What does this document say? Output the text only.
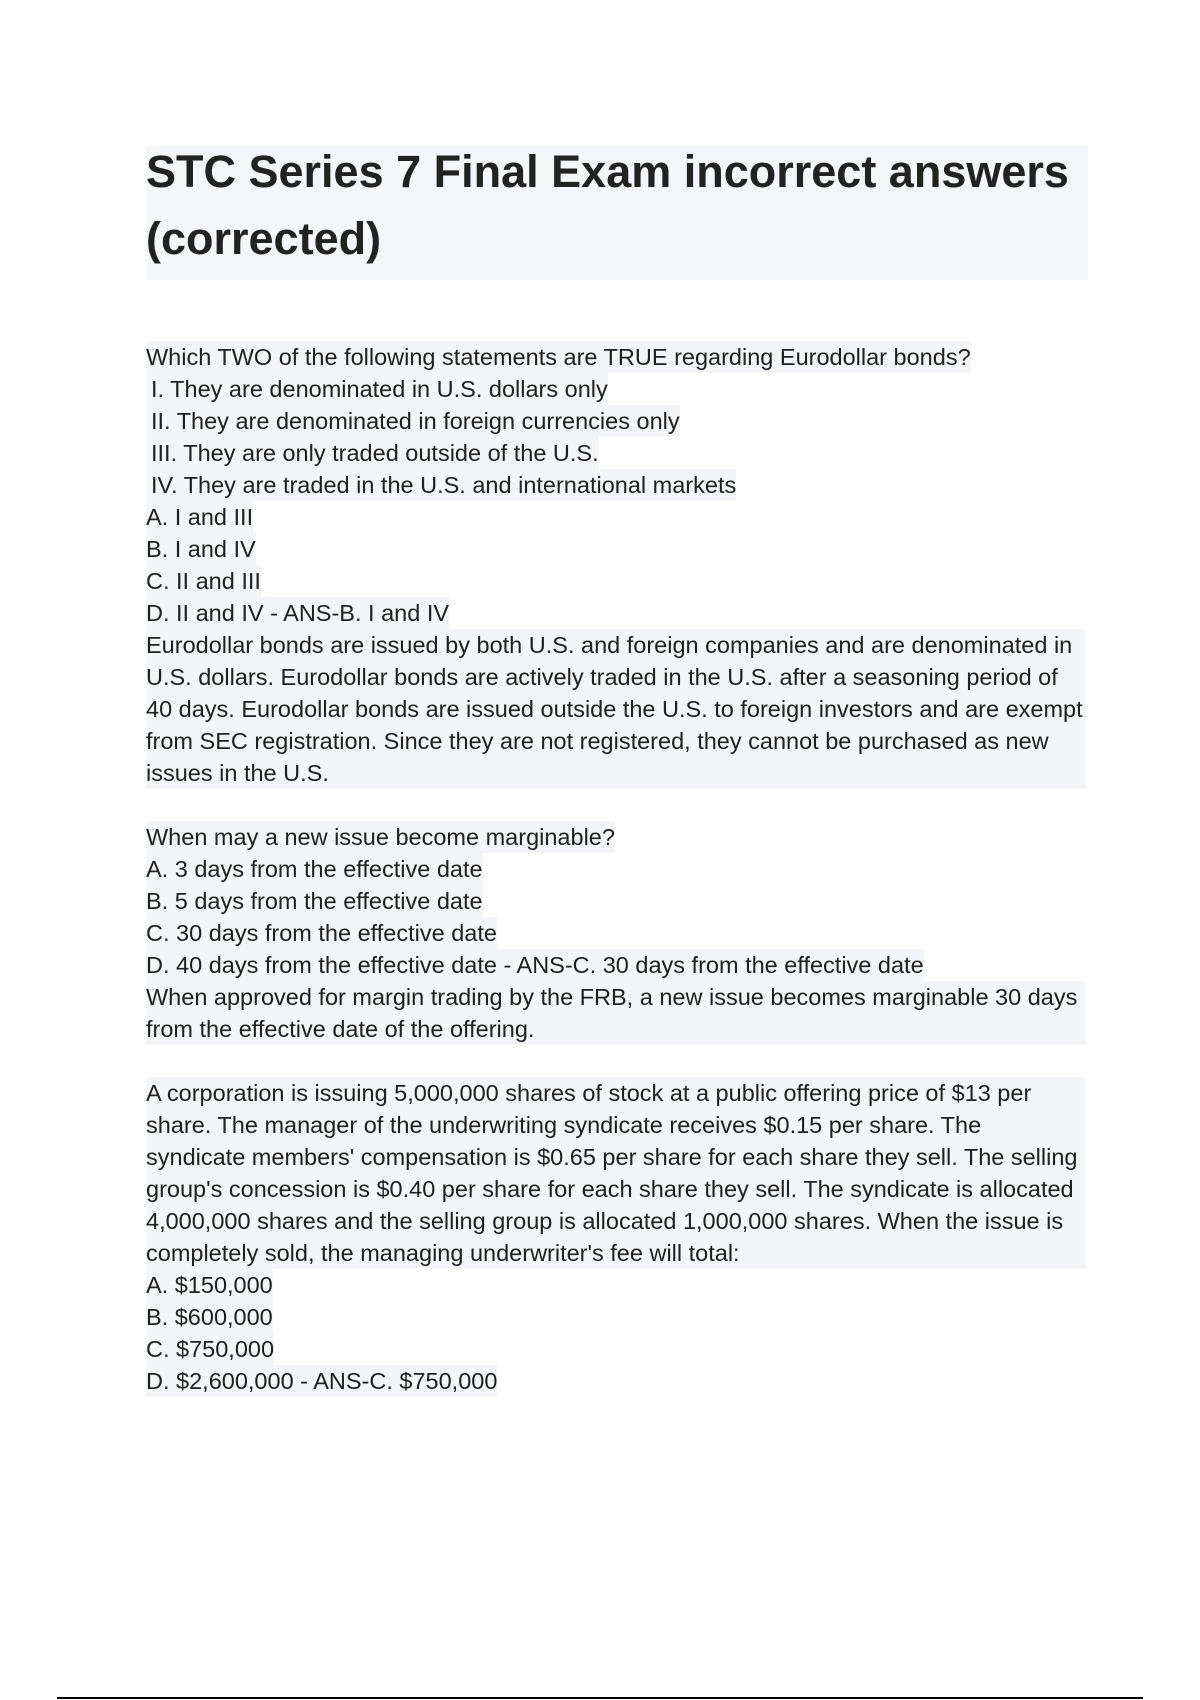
STC Series 7 Final Exam incorrect answers (corrected)
Which TWO of the following statements are TRUE regarding Eurodollar bonds?
I. They are denominated in U.S. dollars only
II. They are denominated in foreign currencies only
III. They are only traded outside of the U.S.
IV. They are traded in the U.S. and international markets
A. I and III
B. I and IV
C. II and III
D. II and IV - ANS-B. I and IV
Eurodollar bonds are issued by both U.S. and foreign companies and are denominated in U.S. dollars. Eurodollar bonds are actively traded in the U.S. after a seasoning period of 40 days. Eurodollar bonds are issued outside the U.S. to foreign investors and are exempt from SEC registration. Since they are not registered, they cannot be purchased as new issues in the U.S.
When may a new issue become marginable?
A. 3 days from the effective date
B. 5 days from the effective date
C. 30 days from the effective date
D. 40 days from the effective date - ANS-C. 30 days from the effective date
When approved for margin trading by the FRB, a new issue becomes marginable 30 days from the effective date of the offering.
A corporation is issuing 5,000,000 shares of stock at a public offering price of $13 per share. The manager of the underwriting syndicate receives $0.15 per share. The syndicate members' compensation is $0.65 per share for each share they sell. The selling group's concession is $0.40 per share for each share they sell. The syndicate is allocated 4,000,000 shares and the selling group is allocated 1,000,000 shares. When the issue is completely sold, the managing underwriter's fee will total:
A. $150,000
B. $600,000
C. $750,000
D. $2,600,000 - ANS-C. $750,000
